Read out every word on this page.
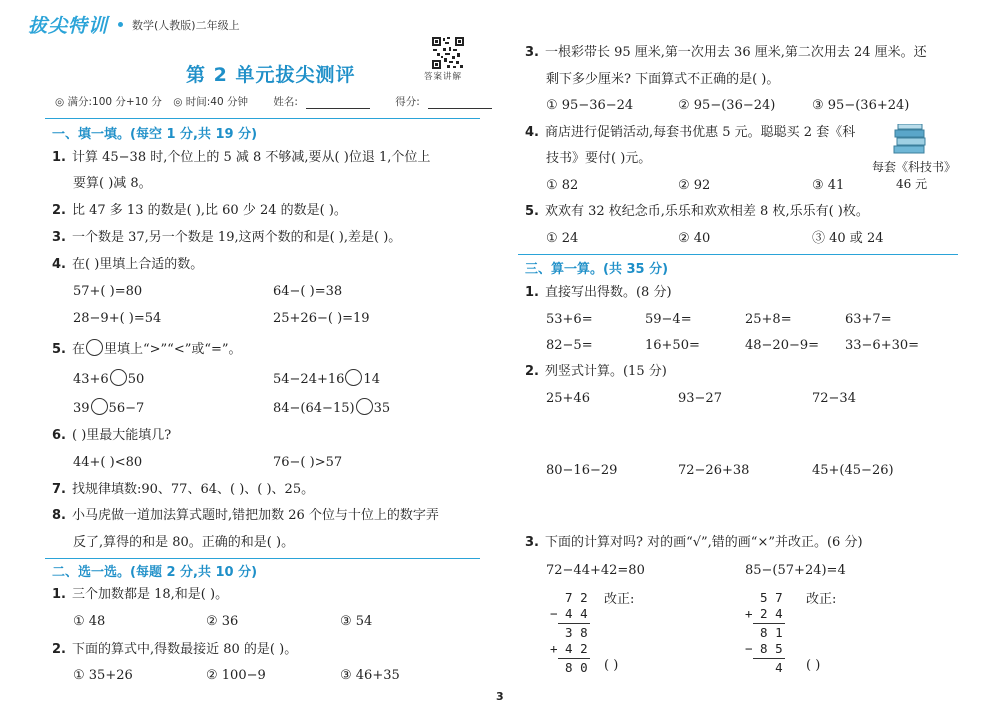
拔尖特训 数学(人教版)二年级上
答案讲解
第 2 单元拔尖测评
◎ 满分:100 分+10 分 ◎ 时间:40 分钟 姓名:	得分:
一、填一填。(每空 1 分,共 19 分)
1. 计算 45−38 时,个位上的 5 减 8 不够减,要从( )位退 1,个位上
要算( )减 8。
2. 比 47 多 13 的数是( ),比 60 少 24 的数是( )。
3. 一个数是 37,另一个数是 19,这两个数的和是( ),差是( )。
4. 在( )里填上合适的数。
57+( )=80	64−( )=38
28−9+( )=54	25+26−( )=19
5. 在 里填上“>”“<”或“=”。
43+6 50	54−24+16 14
39 56−7	84−(64−15) 35
6. ( )里最大能填几?
44+( )<80	76−( )>57
7. 找规律填数:90、77、64、( )、( )、25。
8. 小马虎做一道加法算式题时,错把加数 26 个位与十位上的数字弄
反了,算得的和是 80。正确的和是( )。
二、选一选。(每题 2 分,共 10 分)
1. 三个加数都是 18,和是( )。
① 48	② 36	③ 54
2. 下面的算式中,得数最接近 80 的是( )。
① 35+26	② 100−9	③ 46+35
3. 一根彩带长 95 厘米,第一次用去 36 厘米,第二次用去 24 厘米。还
剩下多少厘米? 下面算式不正确的是( )。
① 95−36−24	② 95−(36−24)	③ 95−(36+24)
4. 商店进行促销活动,每套书优惠 5 元。聪聪买 2 套《科
技书》要付( )元。
① 82	② 92	③ 41
每套《科技书》
46 元
5. 欢欢有 32 枚纪念币,乐乐和欢欢相差 8 枚,乐乐有( )枚。
① 24	② 40	③ 40 或 24
三、算一算。(共 35 分)
1. 直接写出得数。(8 分)
53+6=	59−4=	25+8=	63+7=
82−5=	16+50=	48−20−9= 33−6+30=
2. 列竖式计算。(15 分)
25+46	93−27	72−34
80−16−29	72−26+38	45+(45−26)
3. 下面的计算对吗? 对的画“√”,错的画“×”并改正。(6 分)
72−44+42=80	85−(57+24)=4
7 2
− 4 4
3 8
+ 4 2
8 0
改正:
( )
5 7
+ 2 4
8 1
− 8 5
4
改正:
( )
3
